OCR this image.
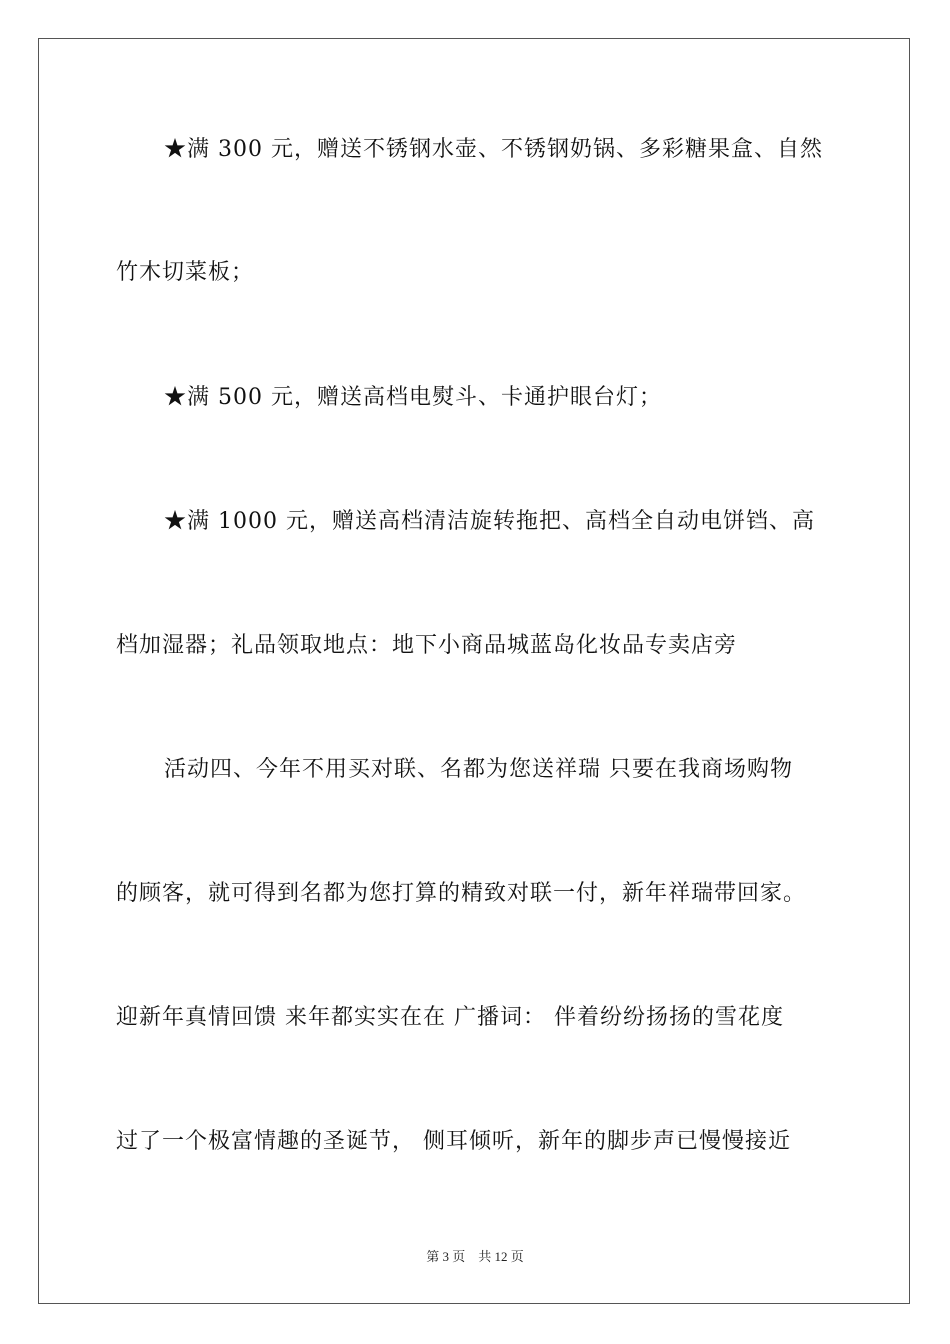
★满 300 元，赠送不锈钢水壶、不锈钢奶锅、多彩糖果盒、自然
竹木切菜板；
★满 500 元，赠送高档电熨斗、卡通护眼台灯；
★满 1000 元，赠送高档清洁旋转拖把、高档全自动电饼铛、高
档加湿器；礼品领取地点：地下小商品城蓝岛化妆品专卖店旁
活动四、今年不用买对联、名都为您送祥瑞 只要在我商场购物
的顾客，就可得到名都为您打算的精致对联一付，新年祥瑞带回家。
迎新年真情回馈 来年都实实在在 广播词： 伴着纷纷扬扬的雪花度
过了一个极富情趣的圣诞节， 侧耳倾听，新年的脚步声已慢慢接近
第 3 页　共 12 页
